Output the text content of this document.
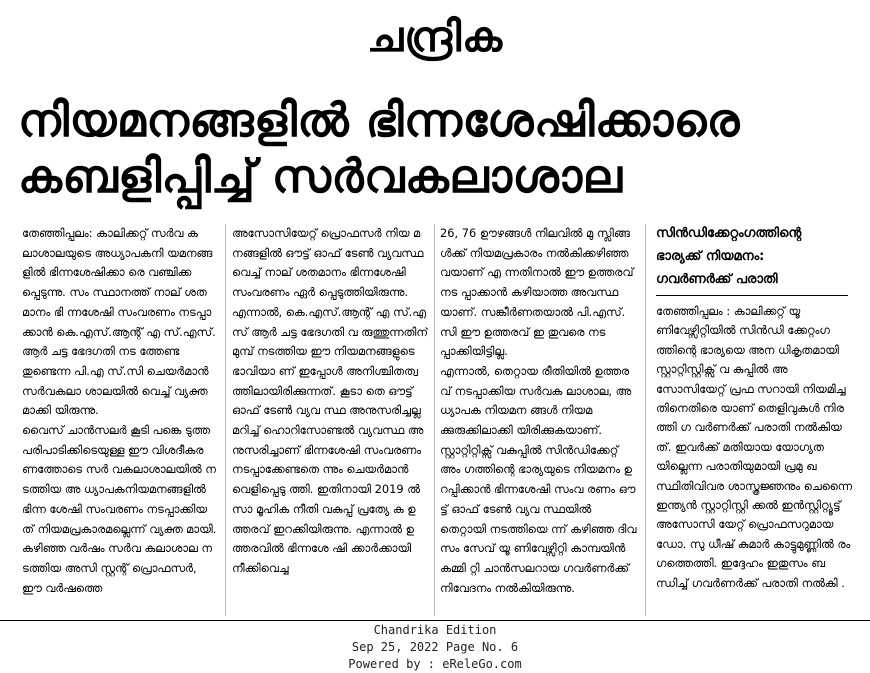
ചന്ദ്രിക
നിയമനങ്ങളിൽ ഭിന്നശേഷിക്കാരെ
കബളിപ്പിച്ച് സർവകലാശാല

തേഞ്ഞിപ്പലം: കാലിക്കറ്റ് സർവ കലാശാലയുടെ അധ്യാപകനി യമനങ്ങളിൽ ഭിന്നശേഷിക്കാ രെ വഞ്ചിക്കപ്പെടുന്നു. സം സ്ഥാനത്ത് നാല് ശതമാനം ഭി ന്നശേഷി സംവരണം നടപ്പാ ക്കാൻ കെ.എസ്.ആന്റ് എ സ്.എസ്.ആർ ചട്ട ഭേദഗതി നട ത്തേണ്ടതുണ്ടെന്ന പി.എ സ്.സി ചെയർമാൻ സർവകലാ ശാലയിൽ വെച്ച് വ്യക്തമാക്കി യിരുന്നു.

വൈസ് ചാൻസലർ കൂടി പങ്കെ ടുത്ത പരിപാടിക്കിടെയുള്ള ഈ വിശദീകരണത്തോടെ സർ വകലാശാലയിൽ നടത്തിയ അ ധ്യാപകനിയമനങ്ങളിൽ ഭിന്ന ശേഷി സംവരണം നടപ്പാക്കിയ ത് നിയമപ്രകാരമല്ലെന്ന് വ്യക്ത മായി. കഴിഞ്ഞ വർഷം സർവ കലാശാല നടത്തിയ അസി സ്റ്റന്റ് പ്രൊഫസർ, ഈ വർഷത്തെ

അസോസിയേറ്റ് പ്രൊഫസർ നിയ മനങ്ങളിൽ ഔട്ട് ഓഫ് ടേൺ വ്യവസ്ഥ വെച്ച് നാല് ശതമാനം ഭിന്നശേഷി സംവരണം ഏർ പ്പെടുത്തിയിരുന്നു.

എന്നാൽ, കെ.എസ്.ആന്റ് എ സ്.എസ് ആർ ചട്ട ഭേദഗതി വ രുത്തുന്നതിന് മുമ്പ് നടത്തിയ ഈ നിയമനങ്ങളുടെ ഭാവിയാ ണ് ഇപ്പോൾ അനിശ്ചിതത്വ ത്തിലായിരിക്കുന്നത്. കൂടാ തെ ഔട്ട് ഓഫ് ടേൺ വ്യവ സ്ഥ അനുസരിച്ചല്ല മറിച്ച് ഹൊറിസോണ്ടൽ വ്യവസ്ഥ അനുസരിച്ചാണ് ഭിന്നശേഷി സംവരണം നടപ്പാക്കേണ്ടതെ ന്നും ചെയർമാൻ വെളിപ്പെടു ത്തി. ഇതിനായി 2019 ൽ സാ മൂഹിക നീതി വകുപ്പ് പ്രത്യേ ക ഉത്തരവ് ഇറക്കിയിരുന്നു. എന്നാൽ ഉത്തരവിൽ ഭിന്നശേ ഷി ക്കാർക്കായി നീക്കിവെച്ച

26, 76 ഊഴങ്ങൾ നിലവിൽ മു സ്ലിങ്ങൾക്ക് നിയമപ്രകാരം നൽകിക്കഴിഞ്ഞവയാണ് എ ന്നതിനാൽ ഈ ഉത്തരവ് നട പ്പാക്കാൻ കഴിയാത്ത അവസ്ഥ യാണ്. സങ്കീർണതയാൽ പി.എസ്.സി ഈ ഉത്തരവ് ഇ തുവരെ നടപ്പാക്കിയിട്ടില്ല.

എന്നാൽ, തെറ്റായ രീതിയിൽ ഉത്തരവ് നടപ്പാക്കിയ സർവക ലാശാല, അധ്യാപക നിയമന ങ്ങൾ നിയമക്കുരുക്കിലാക്കി യിരിക്കുകയാണ്. സ്റ്റാറ്റിറ്റിക്സ് വകുപ്പിൽ സിൻഡിക്കേറ്റ് അം ഗത്തിന്റെ ഭാര്യയുടെ നിയമനം ഉറപ്പിക്കാൻ ഭിന്നശേഷി സംവ രണം ഔട്ട് ഓഫ് ടേൺ വ്യവ സ്ഥയിൽ തെറ്റായി നടത്തിയെ ന്ന് കഴിഞ്ഞ ദിവസം സേവ് യൂ ണിവേഴ്സിറ്റി കാമ്പയിൻ കമ്മി റ്റി ചാൻസലറായ ഗവർണർക്ക് നിവേദനം നൽകിയിരുന്നു.

സിൻഡിക്കേറ്റംഗത്തിന്റെ
ഭാര്യക്ക് നിയമനം:
ഗവർണർക്ക് പരാതി
തേഞ്ഞിപ്പലം : കാലിക്കറ്റ് യൂ ണിവേഴ്സിറ്റിയിൽ സിൻഡി ക്കേറ്റംഗത്തിന്റെ ഭാര്യയെ അന ധികൃതമായി സ്റ്റാറ്റിസ്റ്റിക്സ് വ കുപ്പിൽ അസോസിയേറ്റ് പ്രഫ സറായി നിയമിച്ചതിനെതിരെ യാണ് തെളിവുകൾ നിരത്തി ഗ വർണർക്ക് പരാതി നൽകിയത്. ഇവർക്ക് മതിയായ യോഗ്യത യില്ലെന്ന പരാതിയുമായി പ്രമു ഖ സ്ഥിതിവിവര ശാസ്ത്രജ്ഞനും ചെന്നൈ ഇന്ത്യൻ സ്റ്റാറ്റിസ്റ്റി ക്കൽ ഇൻസ്റ്റിറ്റ്യൂട്ട് അസോസി യേറ്റ് പ്രൊഫസറുമായ ഡോ. സു ധീഷ് കുമാർ കാട്ടുമുണ്ണിൽ രം ഗത്തെത്തി. ഇദ്ദേഹം ഇതുസം ബന്ധിച്ച് ഗവർണർക്ക് പരാതി നൽകി .
Chandrika Edition
Sep 25, 2022 Page No. 6
Powered by : eReleGo.com
